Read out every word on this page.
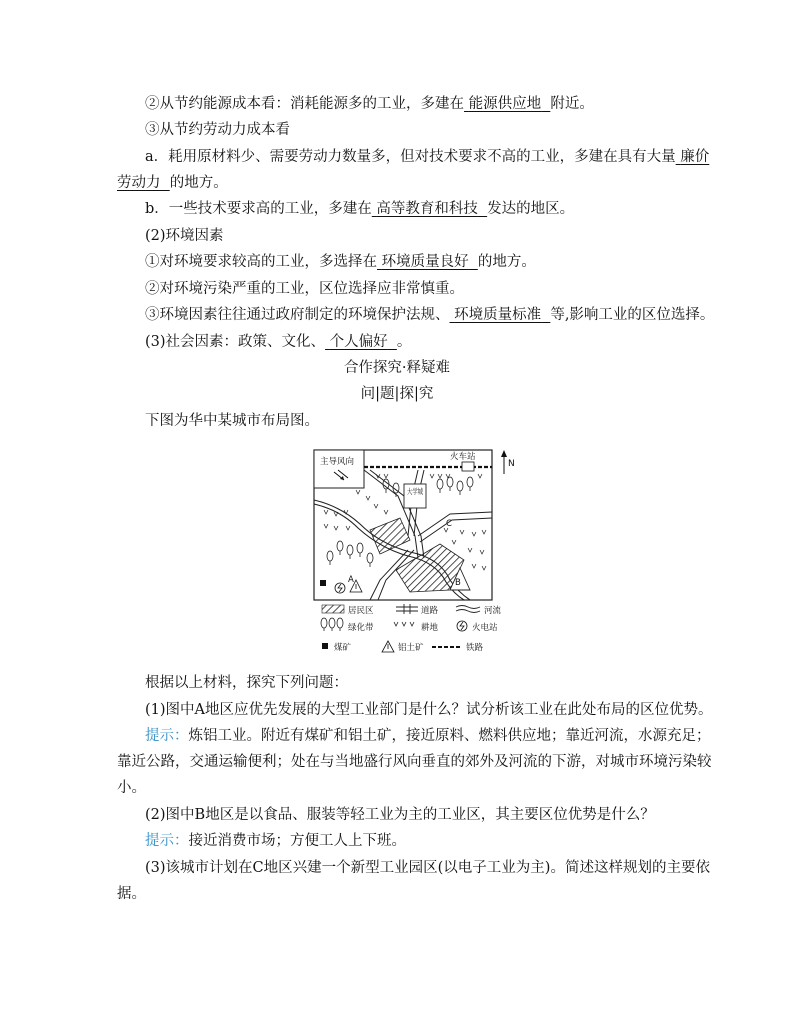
②从节约能源成本看：消耗能源多的工业，多建在 能源供应地 附近。
③从节约劳动力成本看
a．耗用原材料少、需要劳动力数量多，但对技术要求不高的工业，多建在具有大量 廉价
劳动力 的地方。
b．一些技术要求高的工业，多建在 高等教育和科技 发达的地区。
(2)环境因素
①对环境要求较高的工业，多选择在 环境质量良好 的地方。
②对环境污染严重的工业，区位选择应非常慎重。
③环境因素往往通过政府制定的环境保护法规、 环境质量标准 等,影响工业的区位选择。
(3)社会因素：政策、文化、 个人偏好 。
合作探究·释疑难
问|题|探|究
下图为华中某城市布局图。
主导风向	火车站
N
大学城
B
C
A
居民区	道路	河流
绿化带	耕地	火电站
煤矿	铝土矿	铁路
根据以上材料，探究下列问题：
(1)图中A地区应优先发展的大型工业部门是什么？试分析该工业在此处布局的区位优势。
提示：炼铝工业。附近有煤矿和铝土矿，接近原料、燃料供应地；靠近河流，水源充足；
靠近公路，交通运输便利；处在与当地盛行风向垂直的郊外及河流的下游，对城市环境污染较
小。
(2)图中B地区是以食品、服装等轻工业为主的工业区，其主要区位优势是什么？
提示：接近消费市场；方便工人上下班。
(3)该城市计划在C地区兴建一个新型工业园区(以电子工业为主)。简述这样规划的主要依
据。
